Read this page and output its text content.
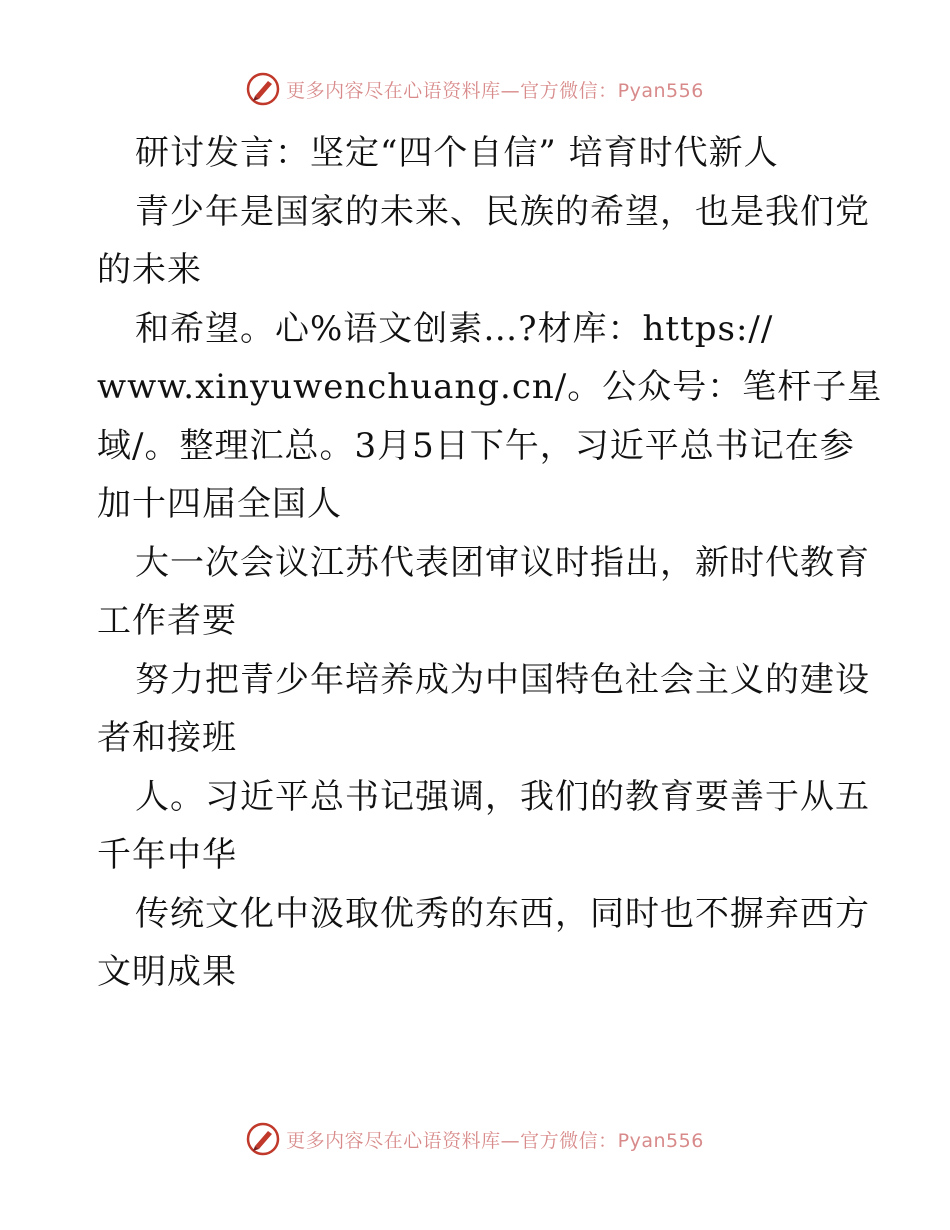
更多内容尽在心语资料库—官方微信：Pyan556
研讨发言：坚定“四个自信” 培育时代新人
青少年是国家的未来、民族的希望，也是我们党
的未来
和希望。心%语文创素…?材库：https://
www.xinyuwenchuang.cn/。公众号：笔杆子星
域/。整理汇总。3月5日下午，习近平总书记在参
加十四届全国人
大一次会议江苏代表团审议时指出，新时代教育
工作者要
努力把青少年培养成为中国特色社会主义的建设
者和接班
人。习近平总书记强调，我们的教育要善于从五
千年中华
传统文化中汲取优秀的东西，同时也不摒弃西方
文明成果
更多内容尽在心语资料库—官方微信：Pyan556
